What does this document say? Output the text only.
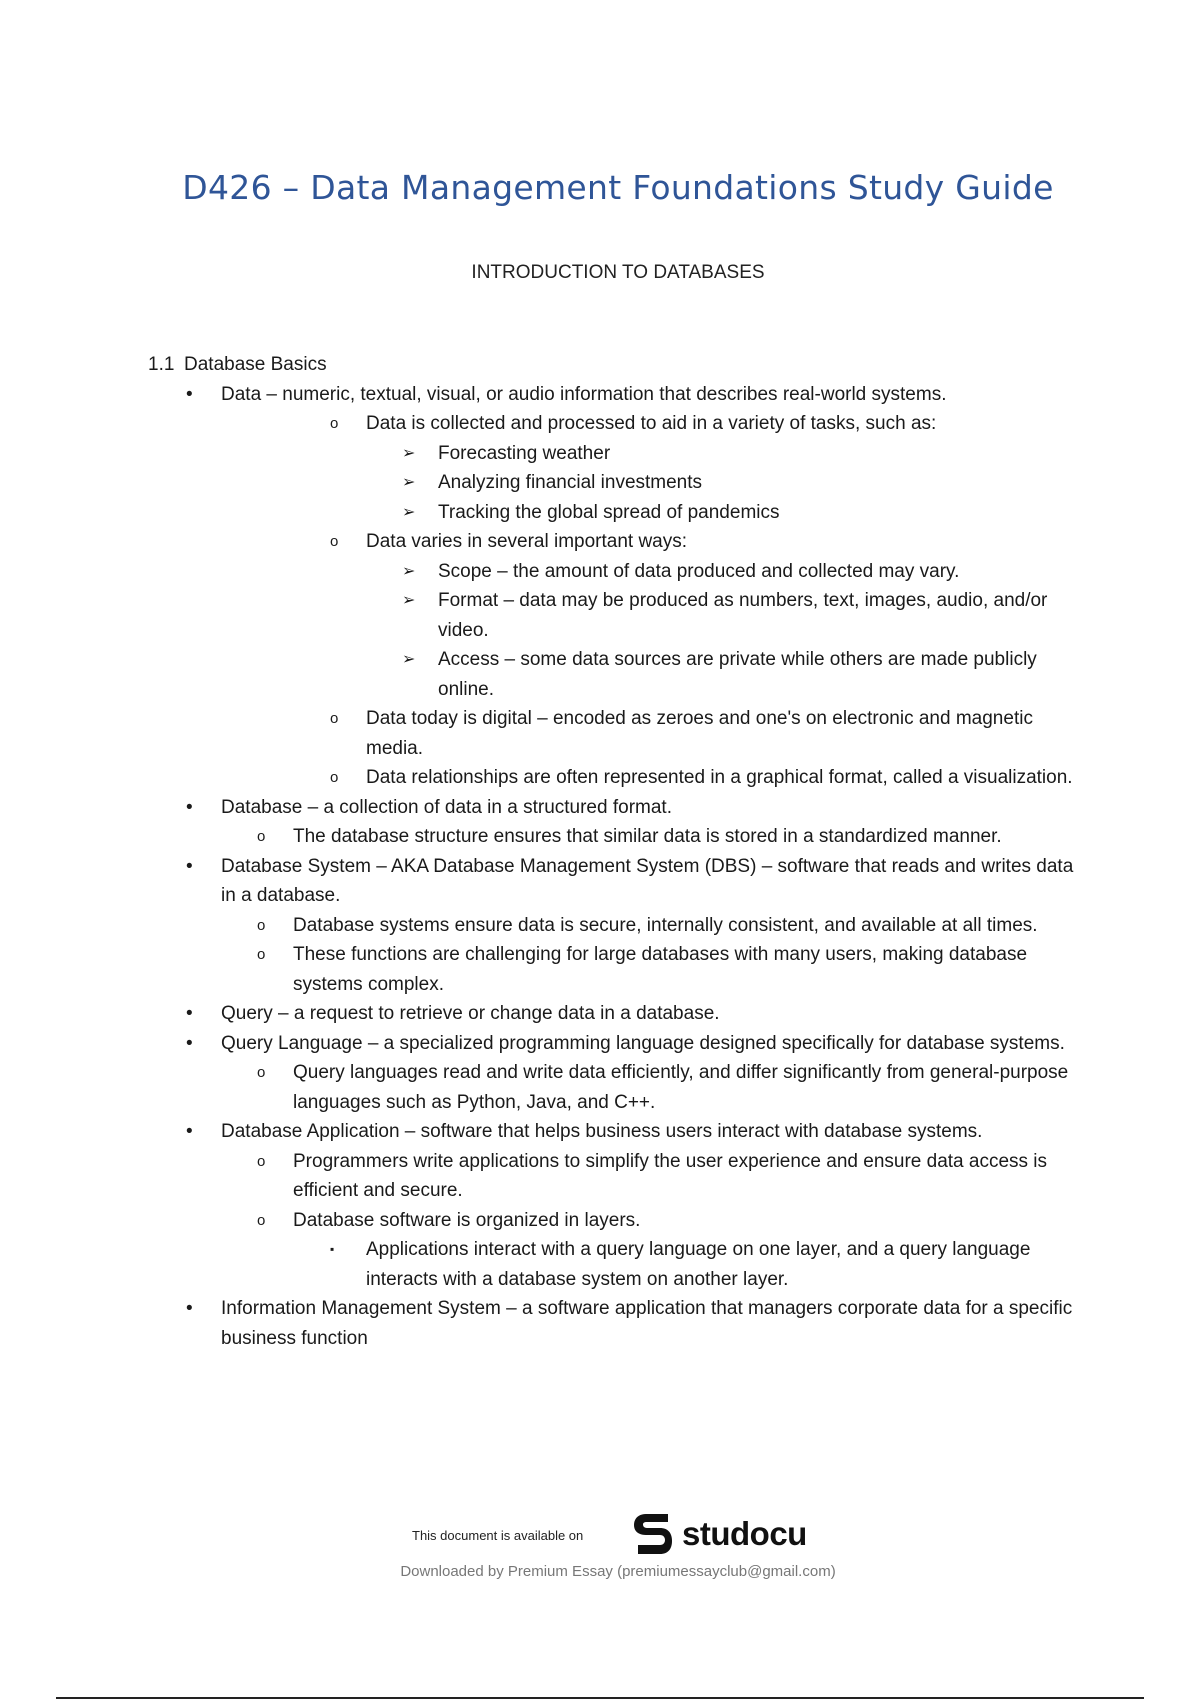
D426 – Data Management Foundations Study Guide
INTRODUCTION TO DATABASES
1.1 Database Basics
• Data – numeric, textual, visual, or audio information that describes real-world systems.
o Data is collected and processed to aid in a variety of tasks, such as:
➢ Forecasting weather
➢ Analyzing financial investments
➢ Tracking the global spread of pandemics
o Data varies in several important ways:
➢ Scope – the amount of data produced and collected may vary.
➢ Format – data may be produced as numbers, text, images, audio, and/or video.
➢ Access – some data sources are private while others are made publicly online.
o Data today is digital – encoded as zeroes and one's on electronic and magnetic media.
o Data relationships are often represented in a graphical format, called a visualization.
• Database – a collection of data in a structured format.
o The database structure ensures that similar data is stored in a standardized manner.
• Database System – AKA Database Management System (DBS) – software that reads and writes data in a database.
o Database systems ensure data is secure, internally consistent, and available at all times.
o These functions are challenging for large databases with many users, making database systems complex.
• Query – a request to retrieve or change data in a database.
• Query Language – a specialized programming language designed specifically for database systems.
o Query languages read and write data efficiently, and differ significantly from general-purpose languages such as Python, Java, and C++.
• Database Application – software that helps business users interact with database systems.
o Programmers write applications to simplify the user experience and ensure data access is efficient and secure.
o Database software is organized in layers.
▪ Applications interact with a query language on one layer, and a query language interacts with a database system on another layer.
• Information Management System – a software application that managers corporate data for a specific business function
This document is available on	studocu
Downloaded by Premium Essay (premiumessayclub@gmail.com)
